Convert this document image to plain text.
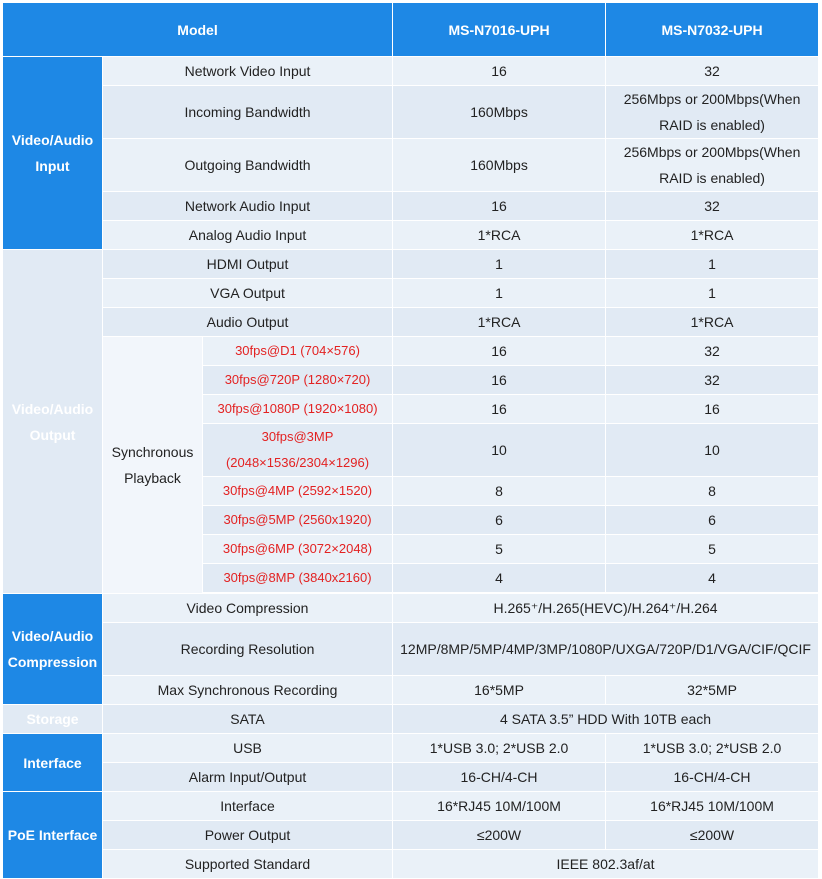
Model			MS-N7016-UPH	MS-N7032-UPH
Video/Audio Input	Network Video Input		16	32
	Incoming Bandwidth		160Mbps	256Mbps or 200Mbps(When RAID is enabled)
	Outgoing Bandwidth		160Mbps	256Mbps or 200Mbps(When RAID is enabled)
	Network Audio Input		16	32
	Analog Audio Input		1*RCA	1*RCA
Video/Audio Output	HDMI Output		1	1
	VGA Output		1	1
	Audio Output		1*RCA	1*RCA
	Synchronous Playback	30fps@D1 (704×576)	16	32
		30fps@720P (1280×720)	16	32
		30fps@1080P (1920×1080)	16	16
		30fps@3MP (2048×1536/2304×1296)	10	10
		30fps@4MP (2592×1520)	8	8
		30fps@5MP (2560x1920)	6	6
		30fps@6MP (3072×2048)	5	5
		30fps@8MP (3840x2160)	4	4

Video/Audio Compression	Video Compression		H.265⁺/H.265(HEVC)/H.264⁺/H.264	
	Recording Resolution		12MP/8MP/5MP/4MP/3MP/1080P/UXGA/720P/D1/VGA/CIF/QCIF	
	Max Synchronous Recording		16*5MP	32*5MP
Storage	SATA		4 SATA 3.5” HDD With 10TB each	
Interface	USB		1*USB 3.0; 2*USB 2.0	1*USB 3.0; 2*USB 2.0
	Alarm Input/Output		16-CH/4-CH	16-CH/4-CH
PoE Interface	Interface		16*RJ45 10M/100M	16*RJ45 10M/100M
	Power Output		≤200W	≤200W
	Supported Standard		IEEE 802.3af/at	
